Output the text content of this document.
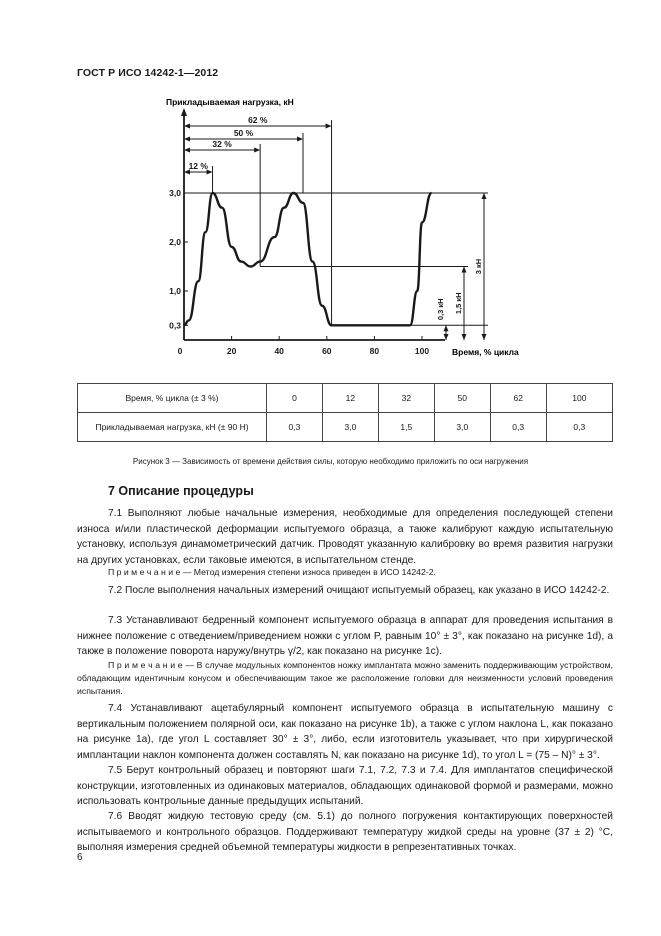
ГОСТ Р ИСО 14242-1—2012
Прикладываемая нагрузка, кН
Время, % цикла
0	20	40	60	80	100
0,3
1,0
2,0
3,0
12 %
32 %
50 %
62 %
3 кН
1,5 кН
0,3 кН
Время, % цикла (± 3 %)	0	12	32	50	62	100
Прикладываемая нагрузка, кН (± 90 Н)	0,3	3,0	1,5	3,0	0,3	0,3
Рисунок 3 — Зависимость от времени действия силы, которую необходимо приложить по оси нагружения
7 Описание процедуры
7.1 Выполняют любые начальные измерения, необходимые для определения последующей степени износа и/или пластической деформации испытуемого образца, а также калибруют каждую испытательную установку, используя динамометрический датчик. Проводят указанную калибровку во время развития нагрузки на других установках, если таковые имеются, в испытательном стенде.
П р и м е ч а н и е — Метод измерения степени износа приведен в ИСО 14242-2.
7.2 После выполнения начальных измерений очищают испытуемый образец, как указано в ИСО 14242-2.
7.3 Устанавливают бедренный компонент испытуемого образца в аппарат для проведения испытания в нижнее положение с отведением/приведением ножки с углом P, равным 10° ± 3°, как показано на рисунке 1d), а также в положение поворота наружу/внутрь γ/2, как показано на рисунке 1c).
П р и м е ч а н и е — В случае модульных компонентов ножку имплантата можно заменить поддерживающим устройством, обладающим идентичным конусом и обеспечивающим такое же расположение головки для неизменности условий проведения испытания.
7.4 Устанавливают ацетабулярный компонент испытуемого образца в испытательную машину с вертикальным положением полярной оси, как показано на рисунке 1b), а также с углом наклона L, как показано на рисунке 1a), где угол L составляет 30° ± 3°, либо, если изготовитель указывает, что при хирургической имплантации наклон компонента должен составлять N, как показано на рисунке 1d), то угол L = (75 – N)° ± 3°.
7.5 Берут контрольный образец и повторяют шаги 7.1, 7.2, 7.3 и 7.4. Для имплантатов специфической конструкции, изготовленных из одинаковых материалов, обладающих одинаковой формой и размерами, можно использовать контрольные данные предыдущих испытаний.
7.6 Вводят жидкую тестовую среду (см. 5.1) до полного погружения контактирующих поверхностей испытываемого и контрольного образцов. Поддерживают температуру жидкой среды на уровне (37 ± 2) °С, выполняя измерения средней объемной температуры жидкости в репрезентативных точках.
6
